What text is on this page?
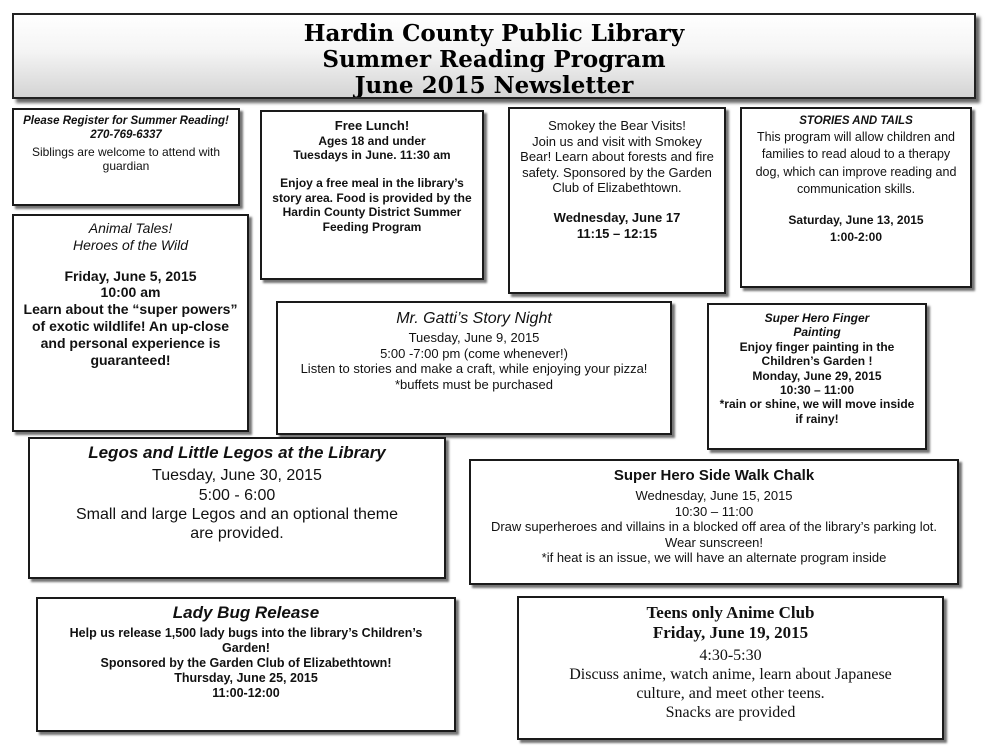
Hardin County Public Library
Summer Reading Program
June 2015 Newsletter
Please Register for Summer Reading!
270-769-6337
Siblings are welcome to attend with guardian
Animal Tales!
Heroes of the Wild
Friday, June 5, 2015
10:00 am
Learn about the “super powers” of exotic wildlife! An up-close and personal experience is guaranteed!
Free Lunch!
Ages 18 and under
Tuesdays in June. 11:30 am
Enjoy a free meal in the library’s story area. Food is provided by the Hardin County District Summer Feeding Program
Mr. Gatti’s Story Night
Tuesday, June 9, 2015
5:00 -7:00 pm (come whenever!)
Listen to stories and make a craft, while enjoying your pizza!
*buffets must be purchased
Smokey the Bear Visits!
Join us and visit with Smokey Bear! Learn about forests and fire safety. Sponsored by the Garden Club of Elizabethtown.
Wednesday, June 17
11:15 – 12:15
STORIES AND TAILS
This program will allow children and families to read aloud to a therapy dog, which can improve reading and communication skills.
Saturday, June 13, 2015
1:00-2:00
Super Hero Finger Painting
Enjoy finger painting in the Children’s Garden !
Monday, June 29, 2015
10:30 – 11:00
*rain or shine, we will move inside if rainy!
Legos and Little Legos at the Library
Tuesday, June 30, 2015
5:00 - 6:00
Small and large Legos and an optional theme are provided.
Super Hero Side Walk Chalk
Wednesday, June 15, 2015
10:30 – 11:00
Draw superheroes and villains in a blocked off area of the library’s parking lot. Wear sunscreen!
*if heat is an issue, we will have an alternate program inside
Lady Bug Release
Help us release 1,500 lady bugs into the library’s Children’s Garden!
Sponsored by the Garden Club of Elizabethtown!
Thursday, June 25, 2015
11:00-12:00
Teens only Anime Club
Friday, June 19, 2015
4:30-5:30
Discuss anime, watch anime, learn about Japanese culture, and meet other teens.
Snacks are provided
